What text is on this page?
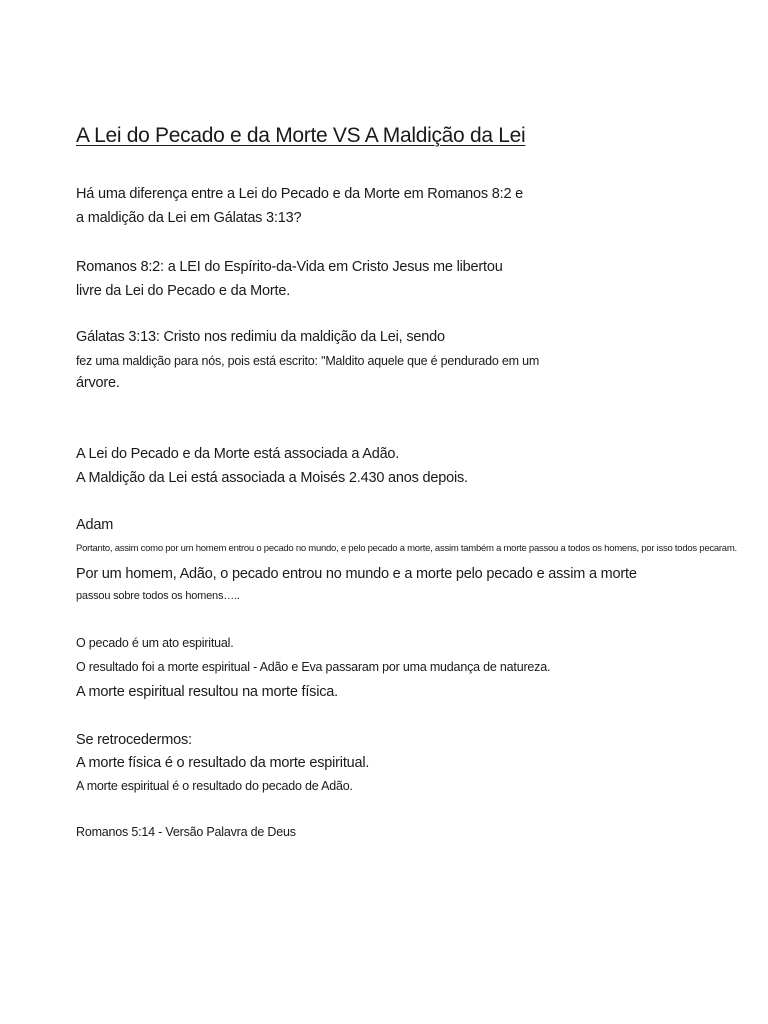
A Lei do Pecado e da Morte VS A Maldição da Lei
Há uma diferença entre a Lei do Pecado e da Morte em Romanos 8:2 e
a maldição da Lei em Gálatas 3:13?
Romanos 8:2: a LEI do Espírito-da-Vida em Cristo Jesus me libertou
livre da Lei do Pecado e da Morte.
Gálatas 3:13: Cristo nos redimiu da maldição da Lei, sendo
fez uma maldição para nós, pois está escrito: "Maldito aquele que é pendurado em um
árvore.
A Lei do Pecado e da Morte está associada a Adão.
A Maldição da Lei está associada a Moisés 2.430 anos depois.
Adam
Portanto, assim como por um homem entrou o pecado no mundo, e pelo pecado a morte, assim também a morte passou a todos os homens, por isso todos pecaram.
Por um homem, Adão, o pecado entrou no mundo e a morte pelo pecado e assim a morte
passou sobre todos os homens…..
O pecado é um ato espiritual.
O resultado foi a morte espiritual - Adão e Eva passaram por uma mudança de natureza.
A morte espiritual resultou na morte física.
Se retrocedermos:
A morte física é o resultado da morte espiritual.
A morte espiritual é o resultado do pecado de Adão.
Romanos 5:14 - Versão Palavra de Deus
